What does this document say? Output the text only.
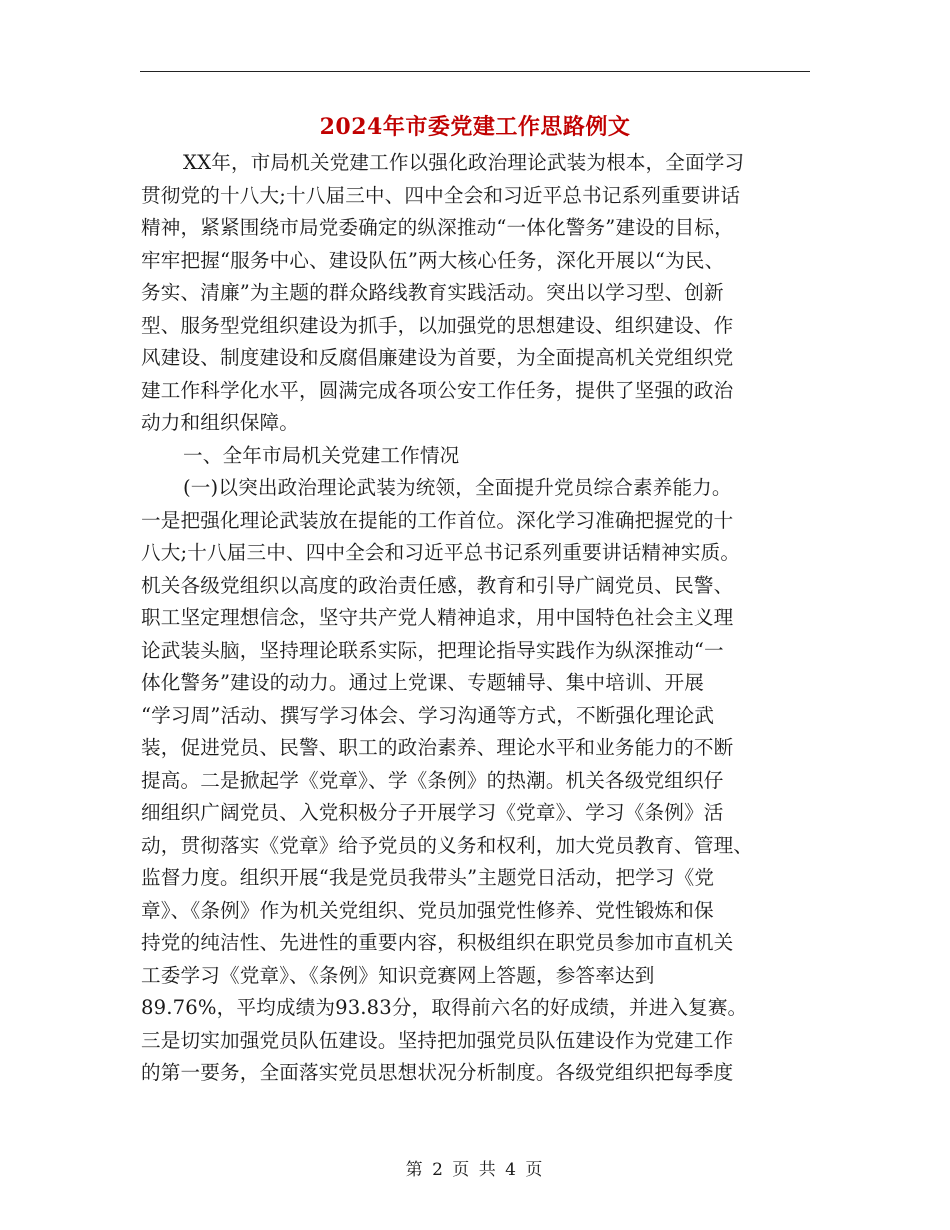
2024年市委党建工作思路例文
XX年，市局机关党建工作以强化政治理论武装为根本，全面学习
贯彻党的十八大;十八届三中、四中全会和习近平总书记系列重要讲话
精神，紧紧围绕市局党委确定的纵深推动“一体化警务”建设的目标，
牢牢把握“服务中心、建设队伍”两大核心任务，深化开展以“为民、
务实、清廉”为主题的群众路线教育实践活动。突出以学习型、创新
型、服务型党组织建设为抓手，以加强党的思想建设、组织建设、作
风建设、制度建设和反腐倡廉建设为首要，为全面提高机关党组织党
建工作科学化水平，圆满完成各项公安工作任务，提供了坚强的政治
动力和组织保障。
一、全年市局机关党建工作情况
(一)以突出政治理论武装为统领，全面提升党员综合素养能力。
一是把强化理论武装放在提能的工作首位。深化学习准确把握党的十
八大;十八届三中、四中全会和习近平总书记系列重要讲话精神实质。
机关各级党组织以高度的政治责任感，教育和引导广阔党员、民警、
职工坚定理想信念，坚守共产党人精神追求，用中国特色社会主义理
论武装头脑，坚持理论联系实际，把理论指导实践作为纵深推动“一
体化警务”建设的动力。通过上党课、专题辅导、集中培训、开展
“学习周”活动、撰写学习体会、学习沟通等方式，不断强化理论武
装，促进党员、民警、职工的政治素养、理论水平和业务能力的不断
提高。二是掀起学《党章》、学《条例》的热潮。机关各级党组织仔
细组织广阔党员、入党积极分子开展学习《党章》、学习《条例》活
动，贯彻落实《党章》给予党员的义务和权利，加大党员教育、管理、
监督力度。组织开展“我是党员我带头”主题党日活动，把学习《党
章》、《条例》作为机关党组织、党员加强党性修养、党性锻炼和保
持党的纯洁性、先进性的重要内容，积极组织在职党员参加市直机关
工委学习《党章》、《条例》知识竞赛网上答题，参答率达到
89.76%，平均成绩为93.83分，取得前六名的好成绩，并进入复赛。
三是切实加强党员队伍建设。坚持把加强党员队伍建设作为党建工作
的第一要务，全面落实党员思想状况分析制度。各级党组织把每季度
第 2 页 共 4 页
